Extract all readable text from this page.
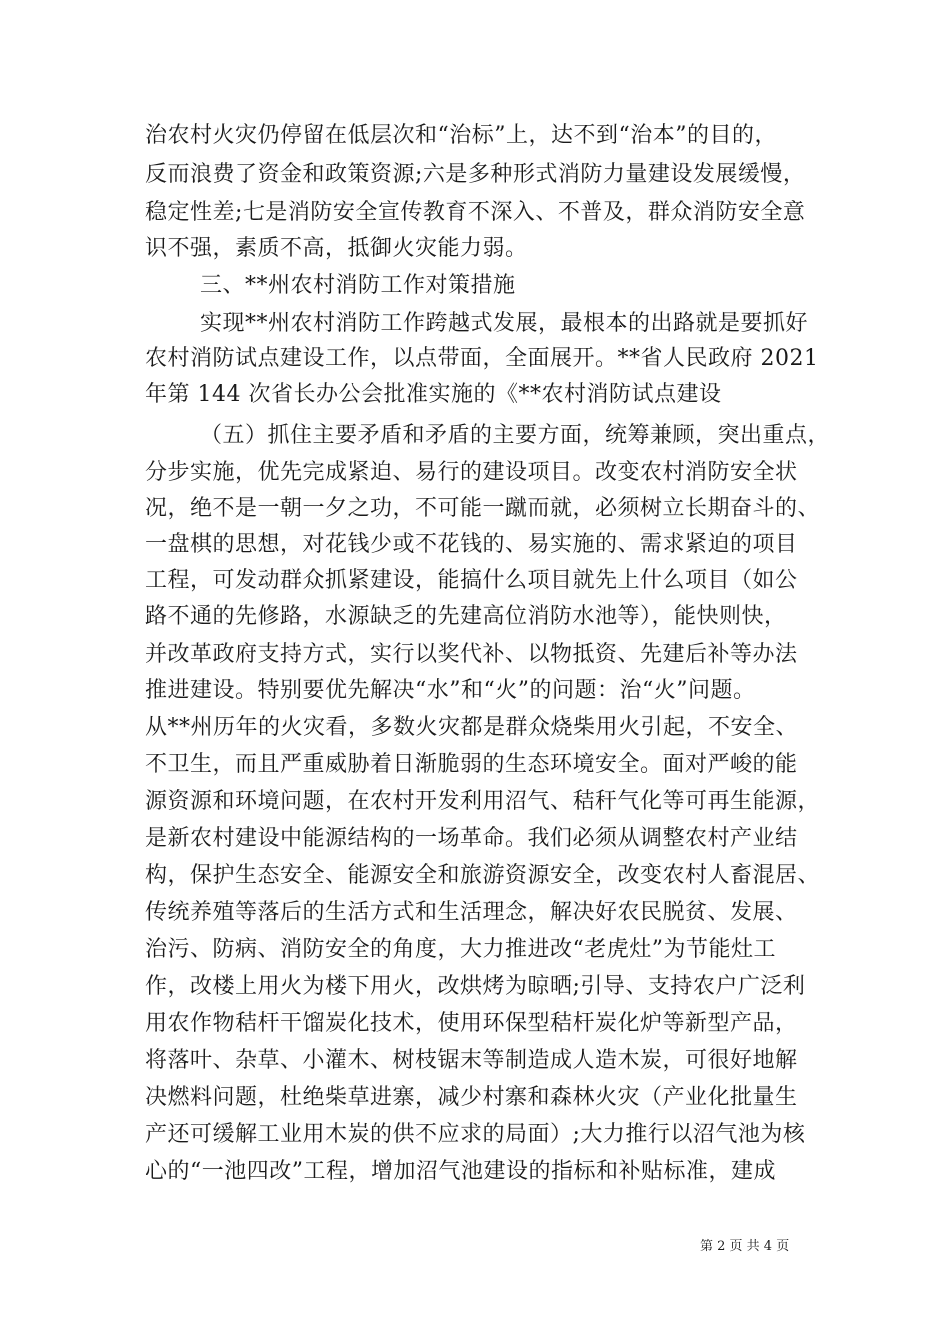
治农村火灾仍停留在低层次和“治标”上，达不到“治本”的目的，
反而浪费了资金和政策资源;六是多种形式消防力量建设发展缓慢，
稳定性差;七是消防安全宣传教育不深入、不普及，群众消防安全意
识不强，素质不高，抵御火灾能力弱。
三、**州农村消防工作对策措施
实现**州农村消防工作跨越式发展，最根本的出路就是要抓好
农村消防试点建设工作，以点带面，全面展开。**省人民政府 2021
年第 144 次省长办公会批准实施的《**农村消防试点建设
（五）抓住主要矛盾和矛盾的主要方面，统筹兼顾，突出重点，
分步实施，优先完成紧迫、易行的建设项目。改变农村消防安全状
况，绝不是一朝一夕之功，不可能一蹴而就，必须树立长期奋斗的、
一盘棋的思想，对花钱少或不花钱的、易实施的、需求紧迫的项目
工程，可发动群众抓紧建设，能搞什么项目就先上什么项目（如公
路不通的先修路，水源缺乏的先建高位消防水池等），能快则快，
并改革政府支持方式，实行以奖代补、以物抵资、先建后补等办法
推进建设。特别要优先解决“水”和“火”的问题：治“火”问题。
从**州历年的火灾看，多数火灾都是群众烧柴用火引起，不安全、
不卫生，而且严重威胁着日渐脆弱的生态环境安全。面对严峻的能
源资源和环境问题，在农村开发利用沼气、秸秆气化等可再生能源，
是新农村建设中能源结构的一场革命。我们必须从调整农村产业结
构，保护生态安全、能源安全和旅游资源安全，改变农村人畜混居、
传统养殖等落后的生活方式和生活理念，解决好农民脱贫、发展、
治污、防病、消防安全的角度，大力推进改“老虎灶”为节能灶工
作，改楼上用火为楼下用火，改烘烤为晾晒;引导、支持农户广泛利
用农作物秸杆干馏炭化技术，使用环保型秸杆炭化炉等新型产品，
将落叶、杂草、小灌木、树枝锯末等制造成人造木炭，可很好地解
决燃料问题，杜绝柴草进寨，减少村寨和森林火灾（产业化批量生
产还可缓解工业用木炭的供不应求的局面）;大力推行以沼气池为核
心的“一池四改”工程，增加沼气池建设的指标和补贴标准，建成
第 2 页 共 4 页
